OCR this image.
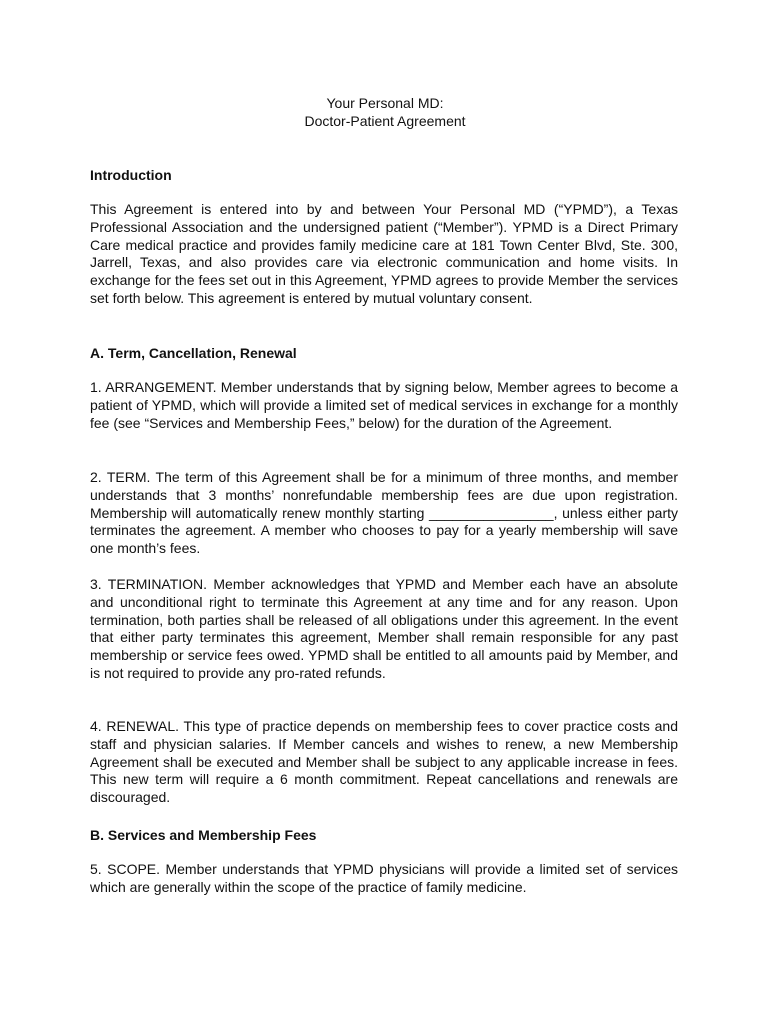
Your Personal MD:
Doctor-Patient Agreement
Introduction
This Agreement is entered into by and between Your Personal MD (“YPMD”), a Texas Professional Association and the undersigned patient (“Member”). YPMD is a Direct Primary Care medical practice and provides family medicine care at 181 Town Center Blvd, Ste. 300, Jarrell, Texas, and also provides care via electronic communication and home visits. In exchange for the fees set out in this Agreement, YPMD agrees to provide Member the services set forth below. This agreement is entered by mutual voluntary consent.
A. Term, Cancellation, Renewal
1. ARRANGEMENT. Member understands that by signing below, Member agrees to become a patient of YPMD, which will provide a limited set of medical services in exchange for a monthly fee (see “Services and Membership Fees,” below) for the duration of the Agreement.
2. TERM. The term of this Agreement shall be for a minimum of three months, and member understands that 3 months’ nonrefundable membership fees are due upon registration. Membership will automatically renew monthly starting ________________, unless either party terminates the agreement. A member who chooses to pay for a yearly membership will save one month’s fees.
3. TERMINATION. Member acknowledges that YPMD and Member each have an absolute and unconditional right to terminate this Agreement at any time and for any reason. Upon termination, both parties shall be released of all obligations under this agreement. In the event that either party terminates this agreement, Member shall remain responsible for any past membership or service fees owed. YPMD shall be entitled to all amounts paid by Member, and is not required to provide any pro-rated refunds.
4. RENEWAL. This type of practice depends on membership fees to cover practice costs and staff and physician salaries. If Member cancels and wishes to renew, a new Membership Agreement shall be executed and Member shall be subject to any applicable increase in fees. This new term will require a 6 month commitment. Repeat cancellations and renewals are discouraged.
B. Services and Membership Fees
5. SCOPE. Member understands that YPMD physicians will provide a limited set of services which are generally within the scope of the practice of family medicine.
